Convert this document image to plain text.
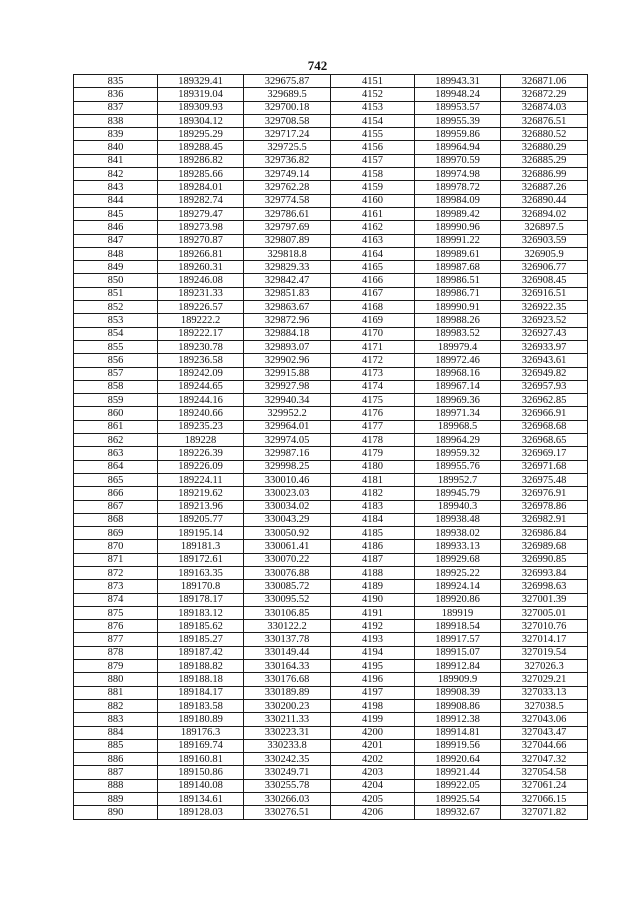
742
835	189329.41	329675.87	4151	189943.31	326871.06
836	189319.04	329689.5	4152	189948.24	326872.29
837	189309.93	329700.18	4153	189953.57	326874.03
838	189304.12	329708.58	4154	189955.39	326876.51
839	189295.29	329717.24	4155	189959.86	326880.52
840	189288.45	329725.5	4156	189964.94	326880.29
841	189286.82	329736.82	4157	189970.59	326885.29
842	189285.66	329749.14	4158	189974.98	326886.99
843	189284.01	329762.28	4159	189978.72	326887.26
844	189282.74	329774.58	4160	189984.09	326890.44
845	189279.47	329786.61	4161	189989.42	326894.02
846	189273.98	329797.69	4162	189990.96	326897.5
847	189270.87	329807.89	4163	189991.22	326903.59
848	189266.81	329818.8	4164	189989.61	326905.9
849	189260.31	329829.33	4165	189987.68	326906.77
850	189246.08	329842.47	4166	189986.51	326908.45
851	189231.33	329851.83	4167	189986.71	326916.51
852	189226.57	329863.67	4168	189990.91	326922.35
853	189222.2	329872.96	4169	189988.26	326923.52
854	189222.17	329884.18	4170	189983.52	326927.43
855	189230.78	329893.07	4171	189979.4	326933.97
856	189236.58	329902.96	4172	189972.46	326943.61
857	189242.09	329915.88	4173	189968.16	326949.82
858	189244.65	329927.98	4174	189967.14	326957.93
859	189244.16	329940.34	4175	189969.36	326962.85
860	189240.66	329952.2	4176	189971.34	326966.91
861	189235.23	329964.01	4177	189968.5	326968.68
862	189228	329974.05	4178	189964.29	326968.65
863	189226.39	329987.16	4179	189959.32	326969.17
864	189226.09	329998.25	4180	189955.76	326971.68
865	189224.11	330010.46	4181	189952.7	326975.48
866	189219.62	330023.03	4182	189945.79	326976.91
867	189213.96	330034.02	4183	189940.3	326978.86
868	189205.77	330043.29	4184	189938.48	326982.91
869	189195.14	330050.92	4185	189938.02	326986.84
870	189181.3	330061.41	4186	189933.13	326989.68
871	189172.61	330070.22	4187	189929.68	326990.85
872	189163.35	330076.88	4188	189925.22	326993.84
873	189170.8	330085.72	4189	189924.14	326998.63
874	189178.17	330095.52	4190	189920.86	327001.39
875	189183.12	330106.85	4191	189919	327005.01
876	189185.62	330122.2	4192	189918.54	327010.76
877	189185.27	330137.78	4193	189917.57	327014.17
878	189187.42	330149.44	4194	189915.07	327019.54
879	189188.82	330164.33	4195	189912.84	327026.3
880	189188.18	330176.68	4196	189909.9	327029.21
881	189184.17	330189.89	4197	189908.39	327033.13
882	189183.58	330200.23	4198	189908.86	327038.5
883	189180.89	330211.33	4199	189912.38	327043.06
884	189176.3	330223.31	4200	189914.81	327043.47
885	189169.74	330233.8	4201	189919.56	327044.66
886	189160.81	330242.35	4202	189920.64	327047.32
887	189150.86	330249.71	4203	189921.44	327054.58
888	189140.08	330255.78	4204	189922.05	327061.24
889	189134.61	330266.03	4205	189925.54	327066.15
890	189128.03	330276.51	4206	189932.67	327071.82
